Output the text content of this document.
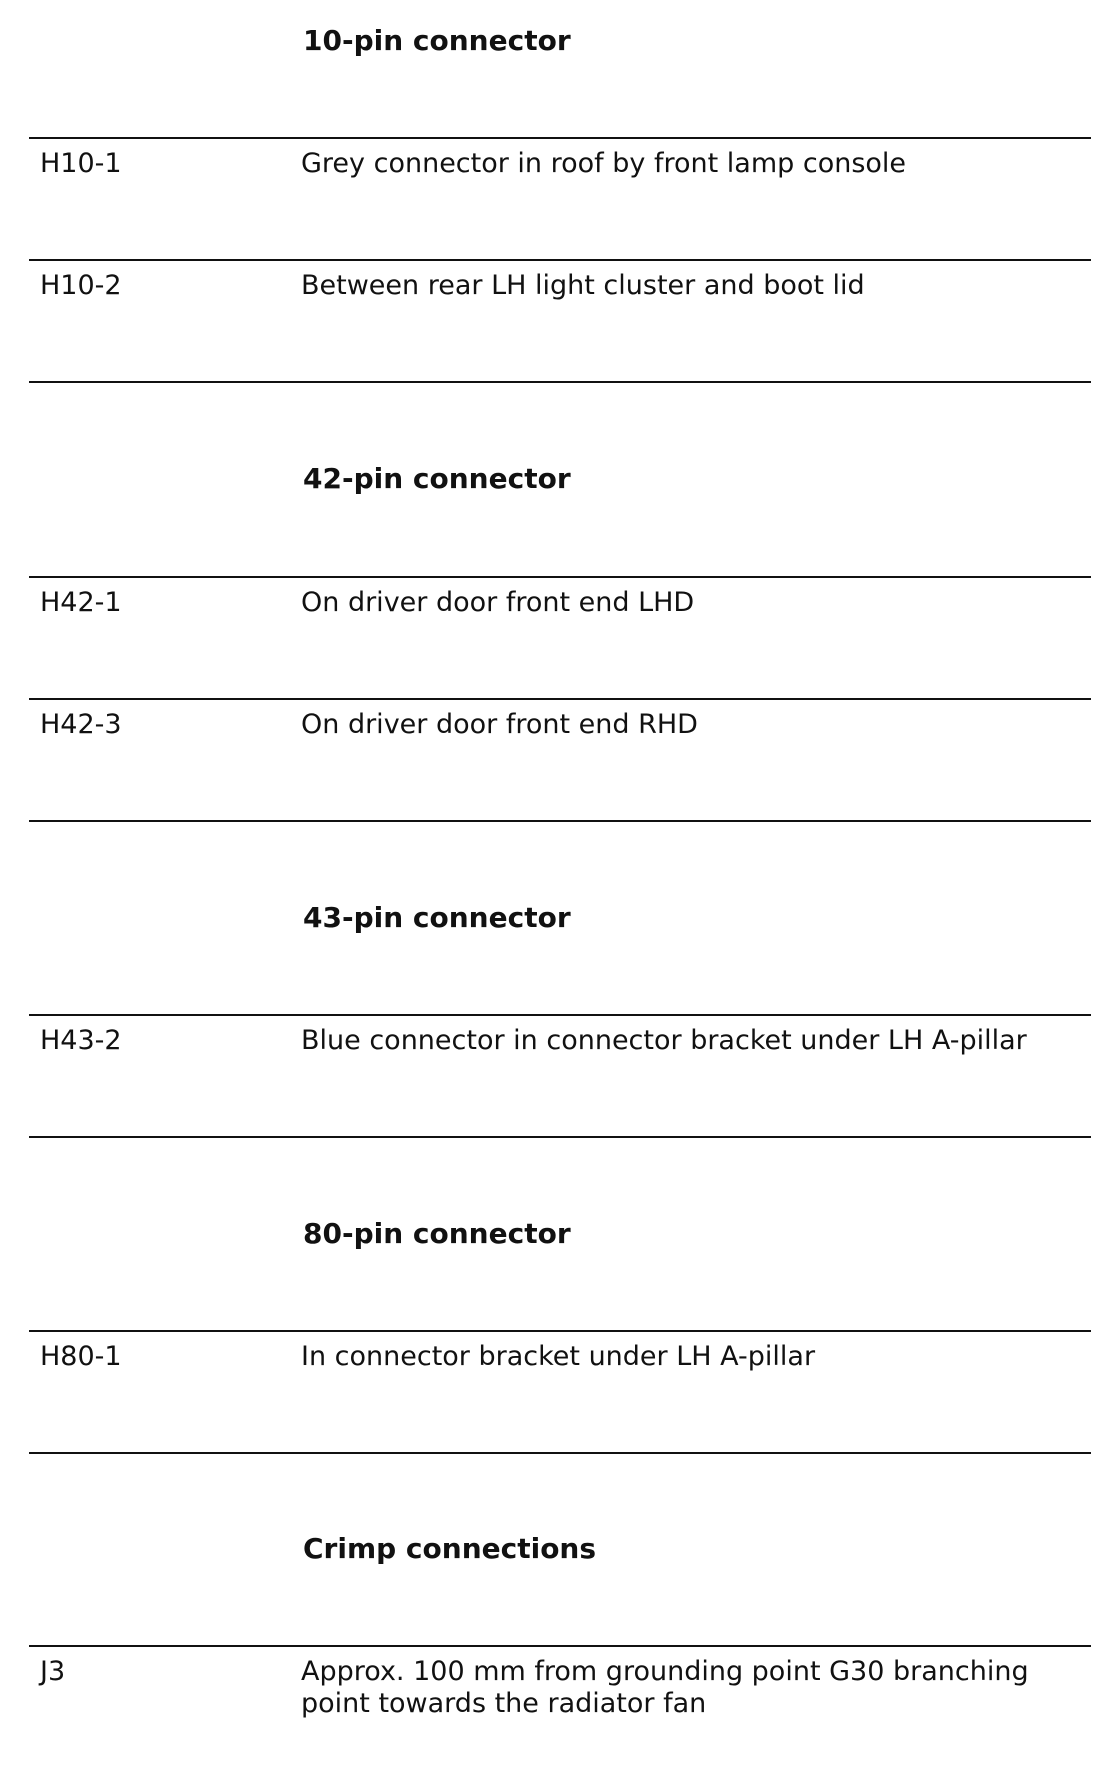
10-pin connector
H10-1	Grey connector in roof by front lamp console
H10-2	Between rear LH light cluster and boot lid
42-pin connector
H42-1	On driver door front end LHD
H42-3	On driver door front end RHD
43-pin connector
H43-2	Blue connector in connector bracket under LH A-pillar
80-pin connector
H80-1	In connector bracket under LH A-pillar
Crimp connections
J3	Approx. 100 mm from grounding point G30 branching point towards the radiator fan
